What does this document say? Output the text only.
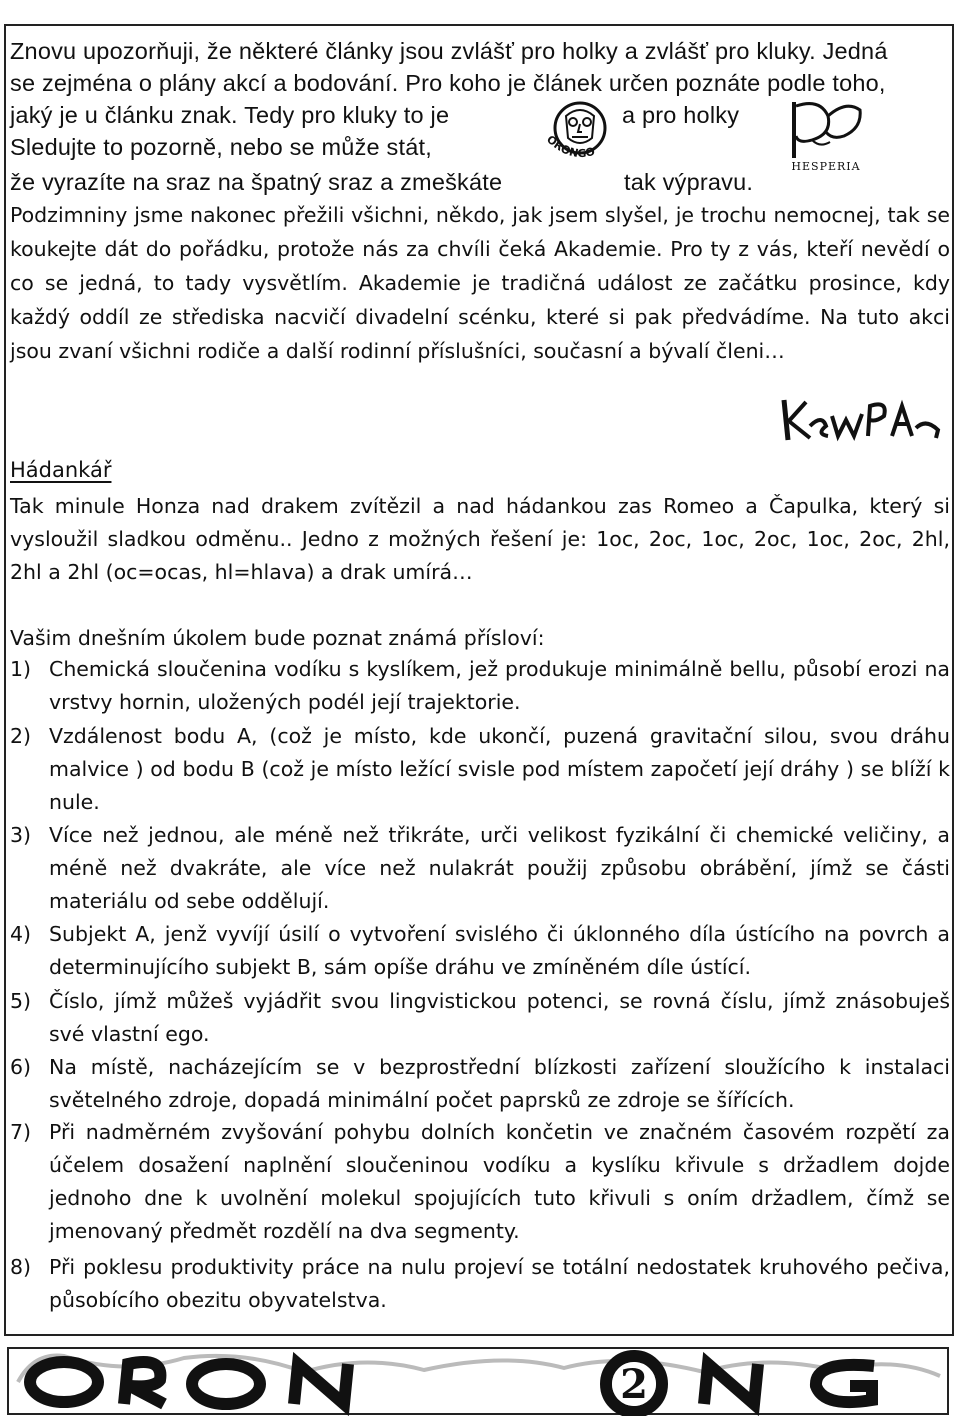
Znovu upozorňuji, že některé články jsou zvlášť pro holky a zvlášť pro kluky. Jedná
se zejména o plány akcí a bodování. Pro koho je článek určen poznáte podle toho,
jaký je u článku znak. Tedy pro kluky to je	a pro holky
Sledujte to pozorně, nebo se může stát,
že vyrazíte na sraz na špatný sraz a zmeškáte	tak výpravu.
ORONGO
HESPERIA

Podzimniny jsme nakonec přežili všichni, někdo, jak jsem slyšel, je trochu nemocnej, tak se koukejte dát do pořádku, protože nás za chvíli čeká Akademie. Pro ty z vás, kteří nevědí o co se jedná, to tady vysvětlím. Akademie je tradičná událost ze začátku prosince, kdy každý oddíl ze střediska nacvičí divadelní scénku, které si pak předvádíme. Na tuto akci jsou zvaní všichni rodiče a další rodinní příslušníci, současní a bývalí členi…

Hádankář

Tak minule Honza nad drakem zvítězil a nad hádankou zas Romeo a Čapulka, který si vysloužil sladkou odměnu.. Jedno z možných řešení je: 1oc, 2oc, 1oc, 2oc, 1oc, 2oc, 2hl, 2hl a 2hl (oc=ocas, hl=hlava) a drak umírá…

Vašim dnešním úkolem bude poznat známá přísloví:

1) Chemická sloučenina vodíku s kyslíkem, jež produkuje minimálně bellu, působí erozi na vrstvy hornin, uložených podél její trajektorie.
2) Vzdálenost bodu A, (což je místo, kde ukončí, puzená gravitační silou, svou dráhu malvice ) od bodu B (což je místo ležící svisle pod místem započetí její dráhy ) se blíží k nule.
3) Více než jednou, ale méně než třikráte, urči velikost fyzikální či chemické veličiny, a méně než dvakráte, ale více než nulakrát použij způsobu obrábění, jímž se části materiálu od sebe oddělují.
4) Subjekt A, jenž vyvíjí úsilí o vytvoření svislého či úklonného díla ústícího na povrch a determinujícího subjekt B, sám opíše dráhu ve zmíněném díle ústící.
5) Číslo, jímž můžeš vyjádřit svou lingvistickou potenci, se rovná číslu, jímž znásobuješ své vlastní ego.
6) Na místě, nacházejícím se v bezprostřední blízkosti zařízení sloužícího k instalaci světelného zdroje, dopadá minimální počet paprsků ze zdroje se šířících.
7) Při nadměrném zvyšování pohybu dolních končetin ve značném časovém rozpětí za účelem dosažení naplnění sloučeninou vodíku a kyslíku křivule s držadlem dojde jednoho dne k uvolnění molekul spojujících tuto křivuli s oním držadlem, čímž se jmenovaný předmět rozdělí na dva segmenty.
8) Při poklesu produktivity práce na nulu projeví se totální nedostatek kruhového pečiva, působícího obezitu obyvatelstva.
2
